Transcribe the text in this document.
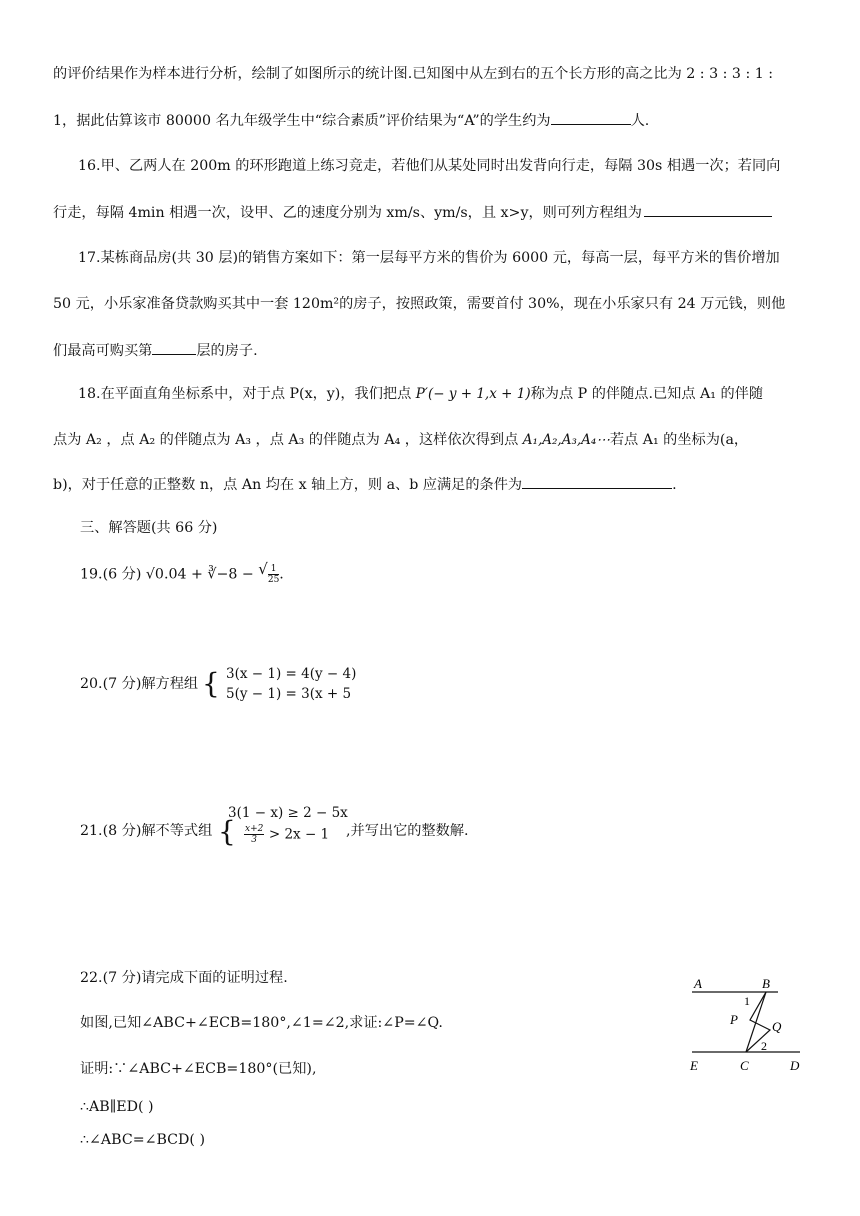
的评价结果作为样本进行分析，绘制了如图所示的统计图.已知图中从左到右的五个长方形的高之比为 2 : 3 : 3 : 1 :
1，据此估算该市 80000 名九年级学生中“综合素质”评价结果为“A”的学生约为	人.
16.甲、乙两人在 200m 的环形跑道上练习竞走，若他们从某处同时出发背向行走，每隔 30s 相遇一次；若同向
行走，每隔 4min 相遇一次，设甲、乙的速度分别为 xm/s、ym/s，且 x>y，则可列方程组为
17.某栋商品房(共 30 层)的销售方案如下：第一层每平方米的售价为 6000 元，每高一层，每平方米的售价增加
50 元，小乐家准备贷款购买其中一套 120m²的房子，按照政策，需要首付 30%，现在小乐家只有 24 万元钱，则他
们最高可购买第	层的房子.
18.在平面直角坐标系中，对于点 P(x，y)，我们把点 P′(− y + 1,x + 1)称为点 P 的伴随点.已知点 A₁ 的伴随
点为 A₂ ，点 A₂ 的伴随点为 A₃ ，点 A₃ 的伴随点为 A₄ ，这样依次得到点 A₁,A₂,A₃,A₄⋯若点 A₁ 的坐标为(a，
b)，对于任意的正整数 n，点 An 均在 x 轴上方，则 a、b 应满足的条件为	.
三、解答题(共 66 分)
19.(6 分) √0.04 + ∛−8 − √ $\frac{1}{25}$ .
20.(7 分)解方程组 { 3(x − 1) = 4(y − 4)
5(y − 1) = 3(x + 5
21.(8 分)解不等式组 {
3(1 − x) ≥ 2 − 5x
$\frac{x+2}{3} > 2x - 1$ ,并写出它的整数解.
22.(7 分)请完成下面的证明过程.
如图,已知∠ABC+∠ECB=180°,∠1=∠2,求证:∠P=∠Q.
证明:∵∠ABC+∠ECB=180°(已知),
∴AB∥ED( )
∴∠ABC=∠BCD( )
A	B
1
P	Q
2
E	C	D
